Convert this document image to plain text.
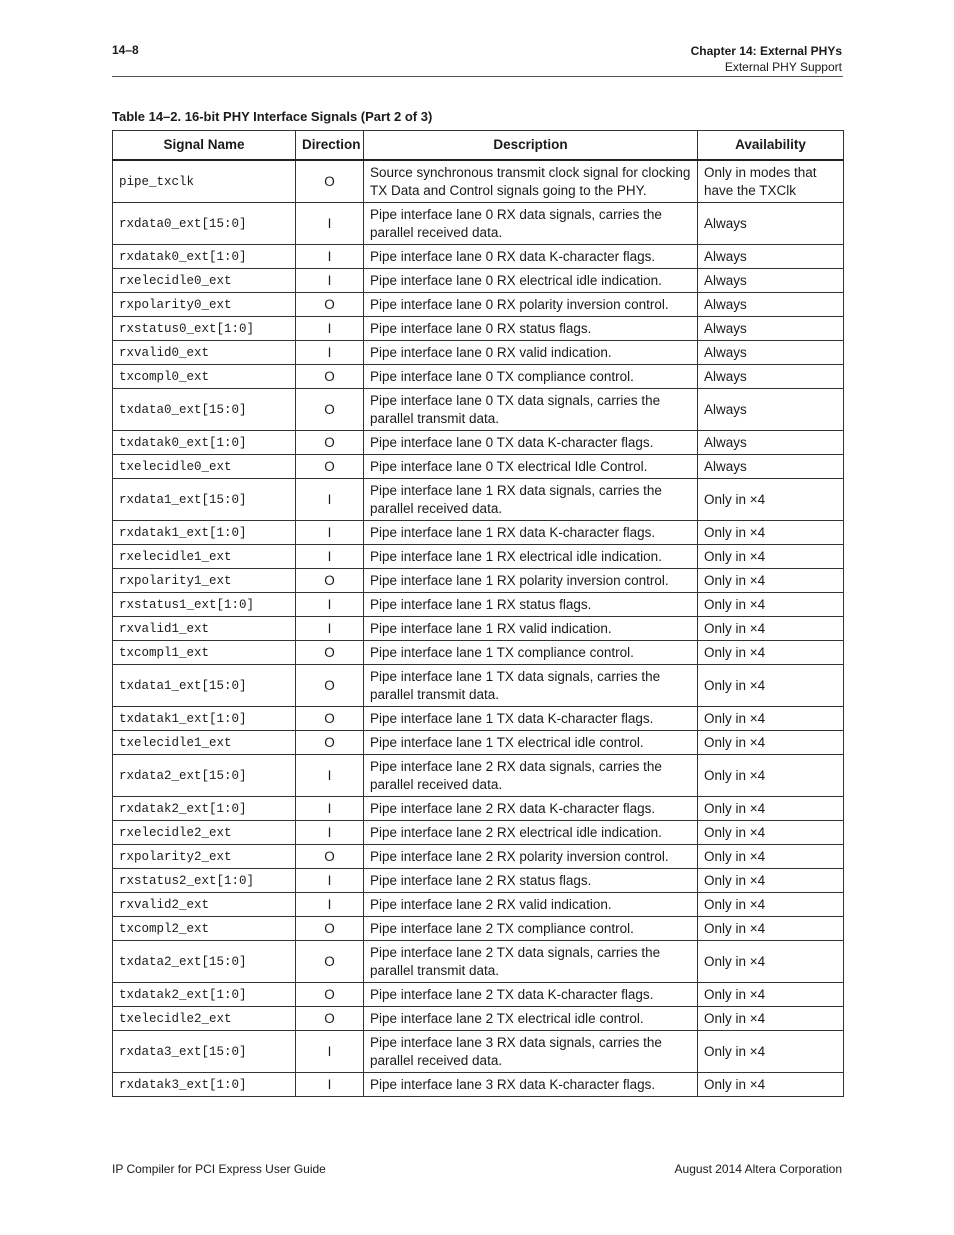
14–8	Chapter 14: External PHYs
External PHY Support
Table 14–2. 16-bit PHY Interface Signals (Part 2 of 3)
Signal Name	Direction	Description	Availability
pipe_txclk	O	Source synchronous transmit clock signal for clocking TX Data and Control signals going to the PHY.	Only in modes that have the TXClk
rxdata0_ext[15:0]	I	Pipe interface lane 0 RX data signals, carries the parallel received data.	Always
rxdatak0_ext[1:0]	I	Pipe interface lane 0 RX data K-character flags.	Always
rxelecidle0_ext	I	Pipe interface lane 0 RX electrical idle indication.	Always
rxpolarity0_ext	O	Pipe interface lane 0 RX polarity inversion control.	Always
rxstatus0_ext[1:0]	I	Pipe interface lane 0 RX status flags.	Always
rxvalid0_ext	I	Pipe interface lane 0 RX valid indication.	Always
txcompl0_ext	O	Pipe interface lane 0 TX compliance control.	Always
txdata0_ext[15:0]	O	Pipe interface lane 0 TX data signals, carries the parallel transmit data.	Always
txdatak0_ext[1:0]	O	Pipe interface lane 0 TX data K-character flags.	Always
txelecidle0_ext	O	Pipe interface lane 0 TX electrical Idle Control.	Always
rxdata1_ext[15:0]	I	Pipe interface lane 1 RX data signals, carries the parallel received data.	Only in ×4
rxdatak1_ext[1:0]	I	Pipe interface lane 1 RX data K-character flags.	Only in ×4
rxelecidle1_ext	I	Pipe interface lane 1 RX electrical idle indication.	Only in ×4
rxpolarity1_ext	O	Pipe interface lane 1 RX polarity inversion control.	Only in ×4
rxstatus1_ext[1:0]	I	Pipe interface lane 1 RX status flags.	Only in ×4
rxvalid1_ext	I	Pipe interface lane 1 RX valid indication.	Only in ×4
txcompl1_ext	O	Pipe interface lane 1 TX compliance control.	Only in ×4
txdata1_ext[15:0]	O	Pipe interface lane 1 TX data signals, carries the parallel transmit data.	Only in ×4
txdatak1_ext[1:0]	O	Pipe interface lane 1 TX data K-character flags.	Only in ×4
txelecidle1_ext	O	Pipe interface lane 1 TX electrical idle control.	Only in ×4
rxdata2_ext[15:0]	I	Pipe interface lane 2 RX data signals, carries the parallel received data.	Only in ×4
rxdatak2_ext[1:0]	I	Pipe interface lane 2 RX data K-character flags.	Only in ×4
rxelecidle2_ext	I	Pipe interface lane 2 RX electrical idle indication.	Only in ×4
rxpolarity2_ext	O	Pipe interface lane 2 RX polarity inversion control.	Only in ×4
rxstatus2_ext[1:0]	I	Pipe interface lane 2 RX status flags.	Only in ×4
rxvalid2_ext	I	Pipe interface lane 2 RX valid indication.	Only in ×4
txcompl2_ext	O	Pipe interface lane 2 TX compliance control.	Only in ×4
txdata2_ext[15:0]	O	Pipe interface lane 2 TX data signals, carries the parallel transmit data.	Only in ×4
txdatak2_ext[1:0]	O	Pipe interface lane 2 TX data K-character flags.	Only in ×4
txelecidle2_ext	O	Pipe interface lane 2 TX electrical idle control.	Only in ×4
rxdata3_ext[15:0]	I	Pipe interface lane 3 RX data signals, carries the parallel received data.	Only in ×4
rxdatak3_ext[1:0]	I	Pipe interface lane 3 RX data K-character flags.	Only in ×4
IP Compiler for PCI Express User Guide	August 2014 Altera Corporation
